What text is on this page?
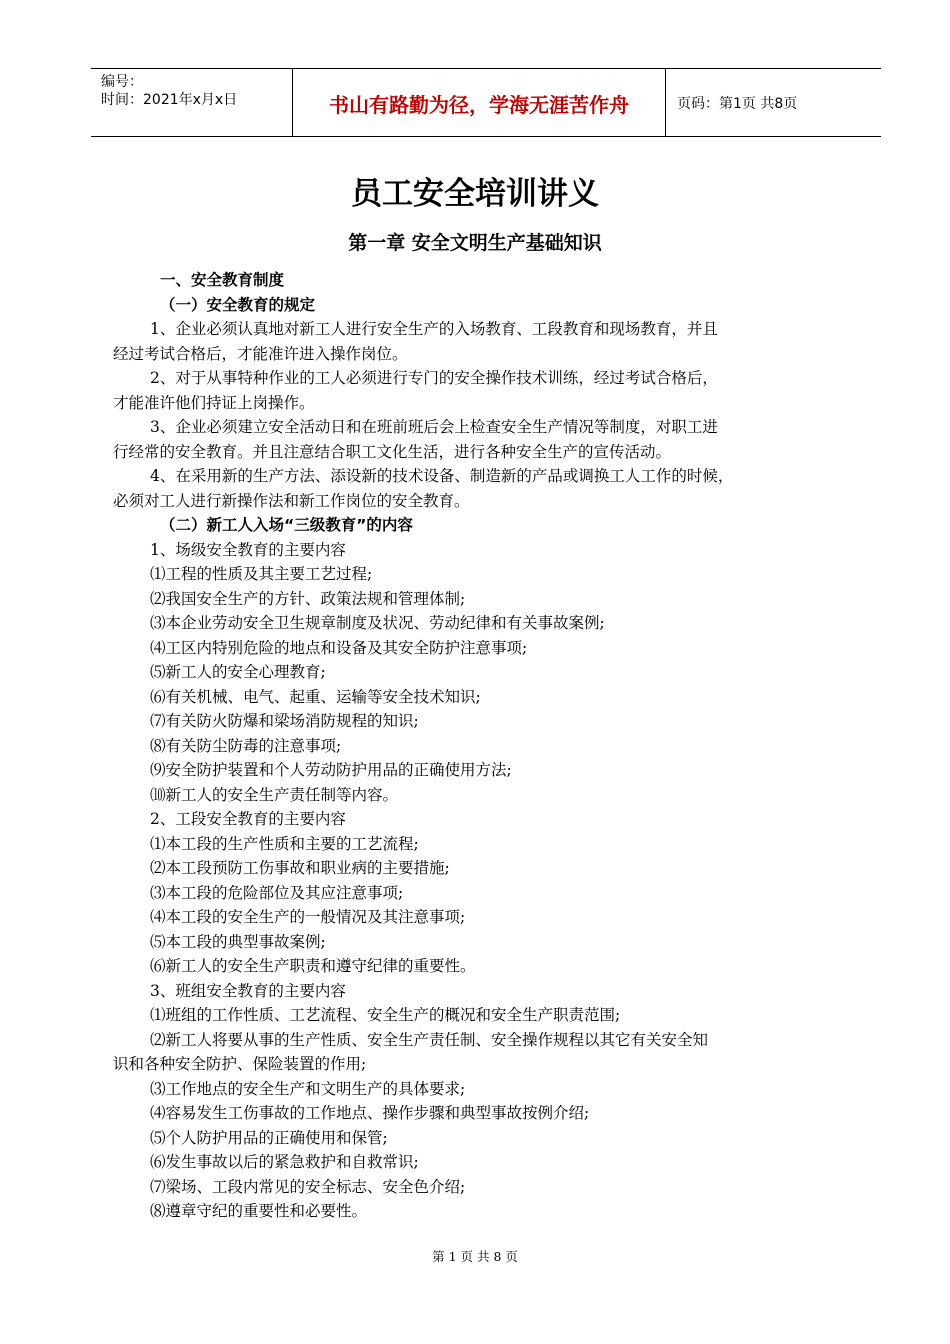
编号：
时间：2021年x月x日	书山有路勤为径，学海无涯苦作舟	页码：第1页 共8页
员工安全培训讲义
第一章 安全文明生产基础知识
一、安全教育制度
（一）安全教育的规定
1、企业必须认真地对新工人进行安全生产的入场教育、工段教育和现场教育，并且
经过考试合格后，才能准许进入操作岗位。
2、对于从事特种作业的工人必须进行专门的安全操作技术训练，经过考试合格后，
才能准许他们持证上岗操作。
3、企业必须建立安全活动日和在班前班后会上检查安全生产情况等制度，对职工进
行经常的安全教育。并且注意结合职工文化生活，进行各种安全生产的宣传活动。
4、在采用新的生产方法、添设新的技术设备、制造新的产品或调换工人工作的时候，
必须对工人进行新操作法和新工作岗位的安全教育。
（二）新工人入场“三级教育”的内容
1、场级安全教育的主要内容
⑴工程的性质及其主要工艺过程;
⑵我国安全生产的方针、政策法规和管理体制;
⑶本企业劳动安全卫生规章制度及状况、劳动纪律和有关事故案例;
⑷工区内特别危险的地点和设备及其安全防护注意事项;
⑸新工人的安全心理教育;
⑹有关机械、电气、起重、运输等安全技术知识;
⑺有关防火防爆和梁场消防规程的知识;
⑻有关防尘防毒的注意事项;
⑼安全防护装置和个人劳动防护用品的正确使用方法;
⑽新工人的安全生产责任制等内容。
2、工段安全教育的主要内容
⑴本工段的生产性质和主要的工艺流程;
⑵本工段预防工伤事故和职业病的主要措施;
⑶本工段的危险部位及其应注意事项;
⑷本工段的安全生产的一般情况及其注意事项;
⑸本工段的典型事故案例;
⑹新工人的安全生产职责和遵守纪律的重要性。
3、班组安全教育的主要内容
⑴班组的工作性质、工艺流程、安全生产的概况和安全生产职责范围;
⑵新工人将要从事的生产性质、安全生产责任制、安全操作规程以其它有关安全知
识和各种安全防护、保险装置的作用;
⑶工作地点的安全生产和文明生产的具体要求;
⑷容易发生工伤事故的工作地点、操作步骤和典型事故按例介绍;
⑸个人防护用品的正确使用和保管;
⑹发生事故以后的紧急救护和自救常识;
⑺梁场、工段内常见的安全标志、安全色介绍;
⑻遵章守纪的重要性和必要性。
第 1 页 共 8 页
